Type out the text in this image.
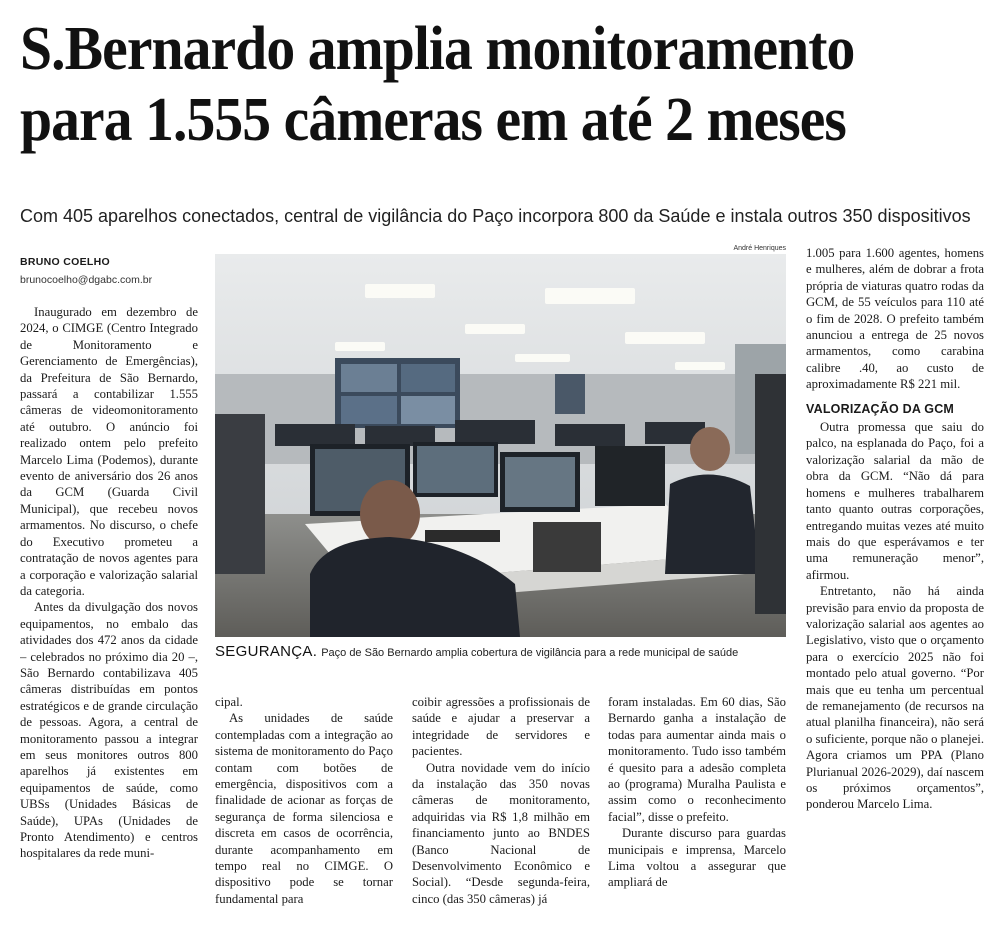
S.Bernardo amplia monitoramento
para 1.555 câmeras em até 2 meses
Com 405 aparelhos conectados, central de vigilância do Paço incorpora 800 da Saúde e instala outros 350 dispositivos
BRUNO COELHO
brunocoelho@dgabc.com.br

Inaugurado em dezembro de 2024, o CIMGE (Centro Integrado de Monitoramento e Gerenciamento de Emergências), da Prefeitura de São Bernardo, passará a contabilizar 1.555 câmeras de videomonitoramento até outubro. O anúncio foi realizado ontem pelo prefeito Marcelo Lima (Podemos), durante evento de aniversário dos 26 anos da GCM (Guarda Civil Municipal), que recebeu novos armamentos. No discurso, o chefe do Executivo prometeu a contratação de novos agentes para a corporação e valorização salarial da categoria.

Antes da divulgação dos novos equipamentos, no embalo das atividades dos 472 anos da cidade – celebrados no próximo dia 20 –, São Bernardo contabilizava 405 câmeras distribuídas em pontos estratégicos e de grande circulação de pessoas. Agora, a central de monitoramento passou a integrar em seus monitores outros 800 aparelhos já existentes em equipamentos de saúde, como UBSs (Unidades Básicas de Saúde), UPAs (Unidades de Pronto Atendimento) e centros hospitalares da rede muni-

André Henriques
SEGURANÇA. Paço de São Bernardo amplia cobertura de vigilância para a rede municipal de saúde

cipal.

As unidades de saúde contempladas com a integração ao sistema de monitoramento do Paço contam com botões de emergência, dispositivos com a finalidade de acionar as forças de segurança de forma silenciosa e discreta em casos de ocorrência, durante acompanhamento em tempo real no CIMGE. O dispositivo pode se tornar fundamental para

coibir agressões a profissionais de saúde e ajudar a preservar a integridade de servidores e pacientes.

Outra novidade vem do início da instalação das 350 novas câmeras de monitoramento, adquiridas via R$ 1,8 milhão em financiamento junto ao BNDES (Banco Nacional de Desenvolvimento Econômico e Social). “Desde segunda-feira, cinco (das 350 câmeras) já

foram instaladas. Em 60 dias, São Bernardo ganha a instalação de todas para aumentar ainda mais o monitoramento. Tudo isso também é quesito para a adesão completa ao (programa) Muralha Paulista e assim como o reconhecimento facial”, disse o prefeito.

Durante discurso para guardas municipais e imprensa, Marcelo Lima voltou a assegurar que ampliará de

1.005 para 1.600 agentes, homens e mulheres, além de dobrar a frota própria de viaturas quatro rodas da GCM, de 55 veículos para 110 até o fim de 2028. O prefeito também anunciou a entrega de 25 novos armamentos, como carabina calibre .40, ao custo de aproximadamente R$ 221 mil.

VALORIZAÇÃO DA GCM

Outra promessa que saiu do palco, na esplanada do Paço, foi a valorização salarial da mão de obra da GCM. “Não dá para homens e mulheres trabalharem tanto quanto outras corporações, entregando muitas vezes até muito mais do que esperávamos e ter uma remuneração menor”, afirmou.

Entretanto, não há ainda previsão para envio da proposta de valorização salarial aos agentes ao Legislativo, visto que o orçamento para o exercício 2025 não foi montado pelo atual governo. “Por mais que eu tenha um percentual de remanejamento (de recursos na atual planilha financeira), não será o suficiente, porque não o planejei. Agora criamos um PPA (Plano Plurianual 2026-2029), daí nascem os próximos orçamentos”, ponderou Marcelo Lima.
